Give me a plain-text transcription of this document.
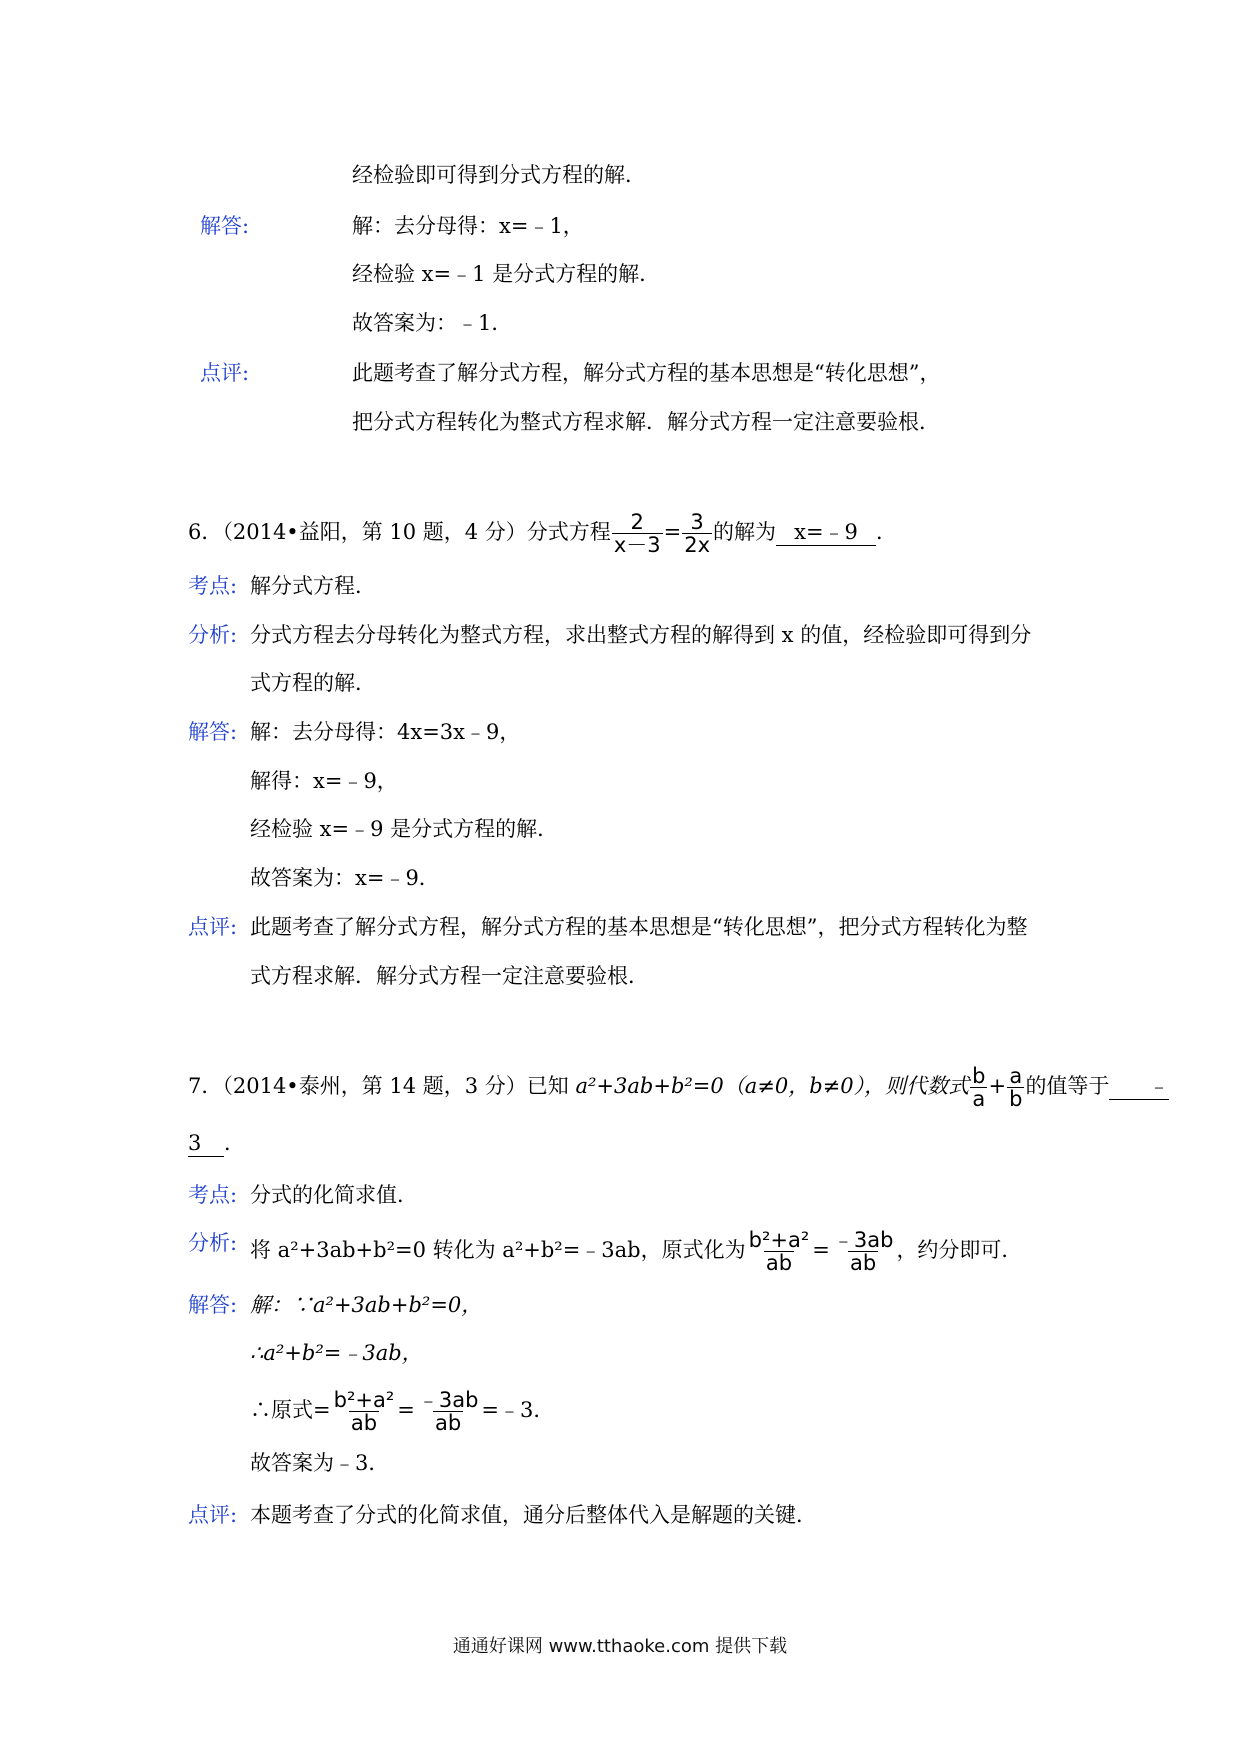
经检验即可得到分式方程的解．
解答:	解：去分母得：x=﹣1，
经检验 x=﹣1 是分式方程的解．
故答案为：﹣1．
点评:	此题考查了解分式方程，解分式方程的基本思想是“转化思想”，
把分式方程转化为整式方程求解．解分式方程一定注意要验根．
6．（2014•益阳，第 10 题，4 分）分式方程 $\frac{2}{x-3} = \frac{3}{2x}$ 的解为 x=﹣9 ．
考点: 解分式方程．
分析: 分式方程去分母转化为整式方程，求出整式方程的解得到 x 的值，经检验即可得到分
式方程的解．
解答: 解：去分母得：4x=3x﹣9，
解得：x=﹣9，
经检验 x=﹣9 是分式方程的解．
故答案为：x=﹣9．
点评: 此题考查了解分式方程，解分式方程的基本思想是“转化思想”，把分式方程转化为整
式方程求解．解分式方程一定注意要验根．
7．（2014•泰州，第 14 题，3 分）已知 a²+3ab+b²=0（a≠0，b≠0），则代数式 $\frac{b}{a} + \frac{a}{b}$ 的值等于 ﹣
3 ．
考点: 分式的化简求值．
分析: 将 a²+3ab+b²=0 转化为 a²+b²=﹣3ab，原式化为 $\frac{\text{b²+a²}}{ab} = \frac{﹣3ab}{ab}$ ，约分即可．
解答: 解：∵a²+3ab+b²=0，
∴a²+b²=﹣3ab，
∴原式= $\frac{\text{b²+a²}}{ab} = \frac{﹣3ab}{ab}$ =﹣3．
故答案为﹣3．
点评: 本题考查了分式的化简求值，通分后整体代入是解题的关键．
通通好课网 www.tthaoke.com 提供下载
